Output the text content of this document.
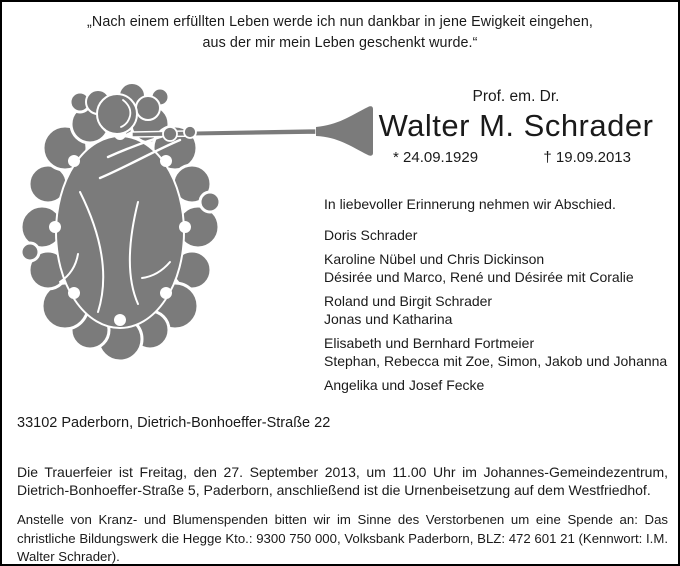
„Nach einem erfüllten Leben werde ich nun dankbar in jene Ewigkeit eingehen,
aus der mir mein Leben geschenkt wurde.“
Prof. em. Dr.
Walter M. Schrader
* 24.09.1929	† 19.09.2013
In liebevoller Erinnerung nehmen wir Abschied.
Doris Schrader
Karoline Nübel und Chris Dickinson
Désirée und Marco, René und Désirée mit Coralie
Roland und Birgit Schrader
Jonas und Katharina
Elisabeth und Bernhard Fortmeier
Stephan, Rebecca mit Zoe, Simon, Jakob und Johanna
Angelika und Josef Fecke
33102 Paderborn, Dietrich-Bonhoeffer-Straße 22

Die Trauerfeier ist Freitag, den 27. September 2013, um 11.00 Uhr im Johannes-Gemeindezentrum, Dietrich-Bonhoeffer-Straße 5, Paderborn, anschließend ist die Urnenbeisetzung auf dem Westfriedhof.

Anstelle von Kranz- und Blumenspenden bitten wir im Sinne des Verstorbenen um eine Spende an: Das christliche Bildungswerk die Hegge Kto.: 9300 750 000, Volksbank Paderborn, BLZ: 472 601 21 (Kennwort: I.M. Walter Schrader).
